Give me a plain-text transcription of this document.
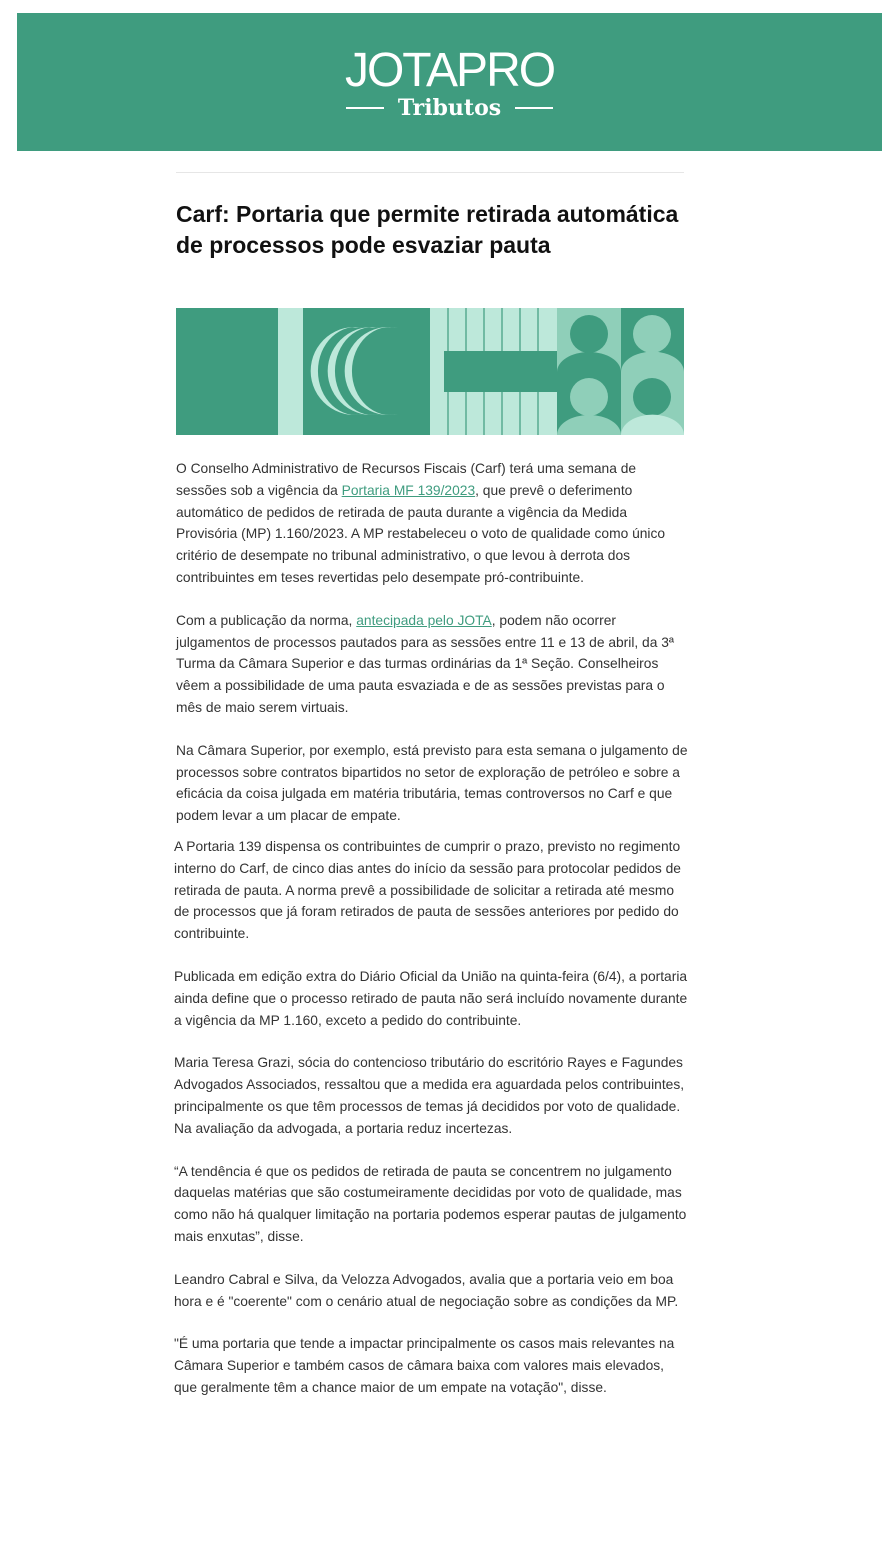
JOTAPRO
Tributos
Carf: Portaria que permite retirada automática de processos pode esvaziar pauta

O Conselho Administrativo de Recursos Fiscais (Carf) terá uma semana de sessões sob a vigência da Portaria MF 139/2023, que prevê o deferimento automático de pedidos de retirada de pauta durante a vigência da Medida Provisória (MP) 1.160/2023. A MP restabeleceu o voto de qualidade como único critério de desempate no tribunal administrativo, o que levou à derrota dos contribuintes em teses revertidas pelo desempate pró-contribuinte.

Com a publicação da norma, antecipada pelo JOTA, podem não ocorrer julgamentos de processos pautados para as sessões entre 11 e 13 de abril, da 3ª Turma da Câmara Superior e das turmas ordinárias da 1ª Seção. Conselheiros vêem a possibilidade de uma pauta esvaziada e de as sessões previstas para o mês de maio serem virtuais.

Na Câmara Superior, por exemplo, está previsto para esta semana o julgamento de processos sobre contratos bipartidos no setor de exploração de petróleo e sobre a eficácia da coisa julgada em matéria tributária, temas controversos no Carf e que podem levar a um placar de empate.

A Portaria 139 dispensa os contribuintes de cumprir o prazo, previsto no regimento interno do Carf, de cinco dias antes do início da sessão para protocolar pedidos de retirada de pauta. A norma prevê a possibilidade de solicitar a retirada até mesmo de processos que já foram retirados de pauta de sessões anteriores por pedido do contribuinte.

Publicada em edição extra do Diário Oficial da União na quinta-feira (6/4), a portaria ainda define que o processo retirado de pauta não será incluído novamente durante a vigência da MP 1.160, exceto a pedido do contribuinte.

Maria Teresa Grazi, sócia do contencioso tributário do escritório Rayes e Fagundes Advogados Associados, ressaltou que a medida era aguardada pelos contribuintes, principalmente os que têm processos de temas já decididos por voto de qualidade. Na avaliação da advogada, a portaria reduz incertezas.

“A tendência é que os pedidos de retirada de pauta se concentrem no julgamento daquelas matérias que são costumeiramente decididas por voto de qualidade, mas como não há qualquer limitação na portaria podemos esperar pautas de julgamento mais enxutas”, disse.

Leandro Cabral e Silva, da Velozza Advogados, avalia que a portaria veio em boa hora e é "coerente" com o cenário atual de negociação sobre as condições da MP.

"É uma portaria que tende a impactar principalmente os casos mais relevantes na Câmara Superior e também casos de câmara baixa com valores mais elevados, que geralmente têm a chance maior de um empate na votação", disse.
